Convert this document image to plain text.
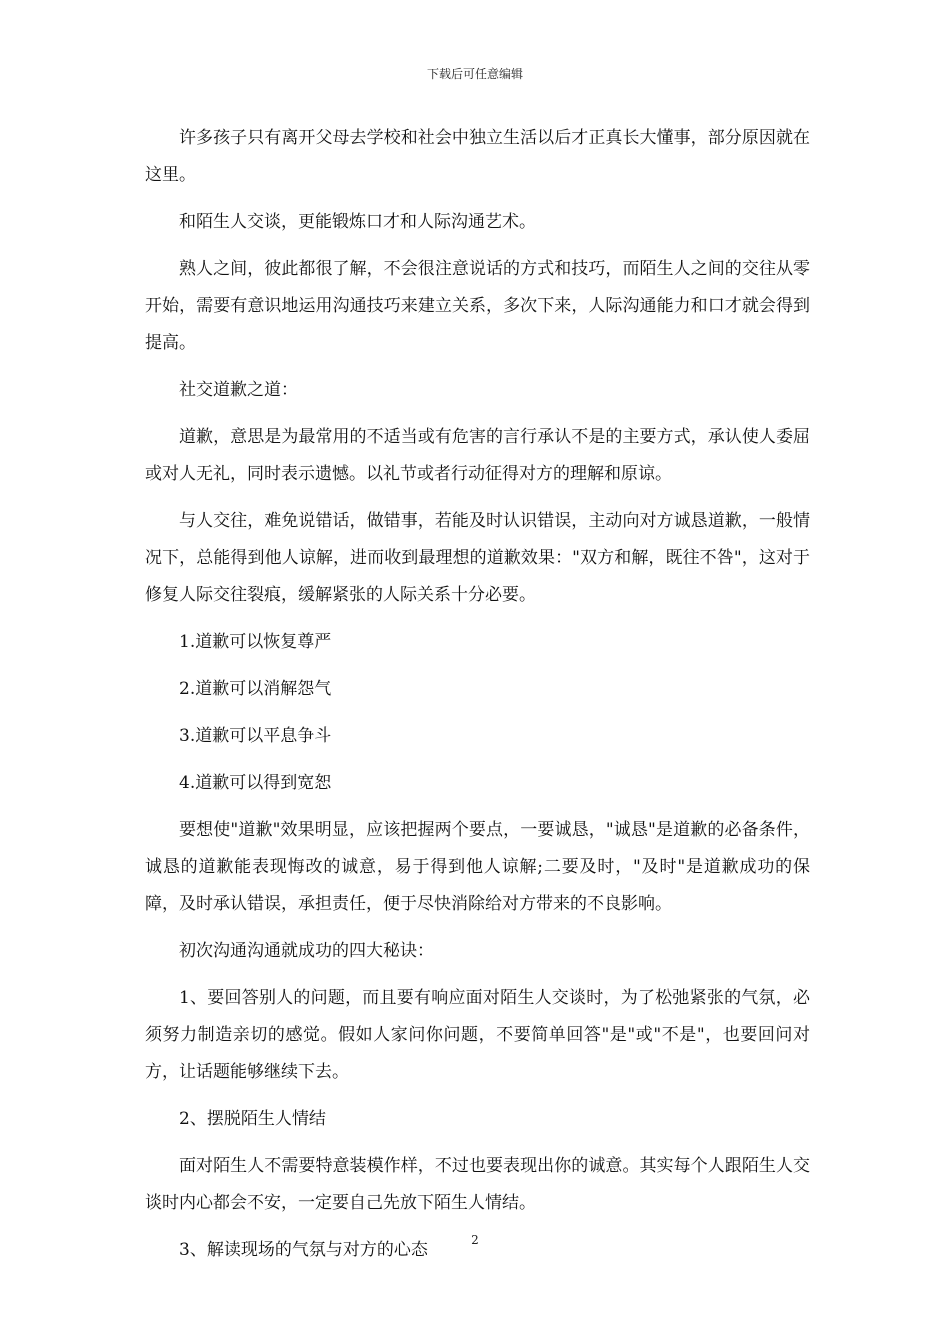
下载后可任意编辑

许多孩子只有离开父母去学校和社会中独立生活以后才正真长大懂事，部分原因就在这里。

和陌生人交谈，更能锻炼口才和人际沟通艺术。

熟人之间，彼此都很了解，不会很注意说话的方式和技巧，而陌生人之间的交往从零开始，需要有意识地运用沟通技巧来建立关系，多次下来，人际沟通能力和口才就会得到提高。

社交道歉之道：

道歉，意思是为最常用的不适当或有危害的言行承认不是的主要方式，承认使人委屈或对人无礼，同时表示遗憾。以礼节或者行动征得对方的理解和原谅。

与人交往，难免说错话，做错事，若能及时认识错误，主动向对方诚恳道歉，一般情况下，总能得到他人谅解，进而收到最理想的道歉效果："双方和解，既往不咎"，这对于修复人际交往裂痕，缓解紧张的人际关系十分必要。

1.道歉可以恢复尊严

2.道歉可以消解怨气

3.道歉可以平息争斗

4.道歉可以得到宽恕

要想使"道歉"效果明显，应该把握两个要点，一要诚恳，"诚恳"是道歉的必备条件，诚恳的道歉能表现悔改的诚意，易于得到他人谅解;二要及时，"及时"是道歉成功的保障，及时承认错误，承担责任，便于尽快消除给对方带来的不良影响。

初次沟通沟通就成功的四大秘诀：

1、要回答别人的问题，而且要有响应面对陌生人交谈时，为了松弛紧张的气氛，必须努力制造亲切的感觉。假如人家问你问题，不要简单回答"是"或"不是"，也要回问对方，让话题能够继续下去。

2、摆脱陌生人情结

面对陌生人不需要特意装模作样，不过也要表现出你的诚意。其实每个人跟陌生人交谈时内心都会不安，一定要自己先放下陌生人情结。

3、解读现场的气氛与对方的心态	2
